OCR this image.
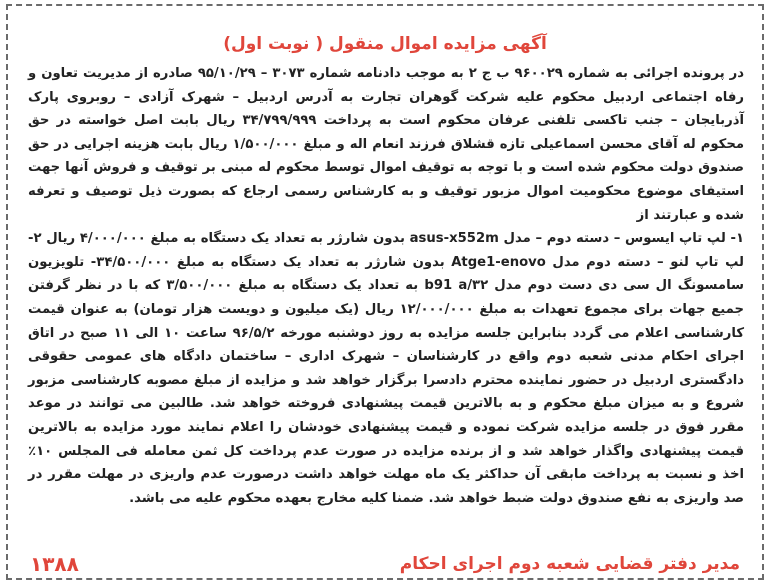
آگهی مزایده اموال منقول ( نوبت اول)

در پرونده اجرائی به شماره ۹۶۰۰۲۹ ب ج ۲ به موجب دادنامه شماره ۳۰۷۳ – ۹۵/۱۰/۲۹ صادره از مدیریت تعاون و رفاه اجتماعی اردبیل محکوم علیه شرکت گوهران تجارت به آدرس اردبیل – شهرک آزادی – روبروی پارک آذربایجان – جنب تاکسی تلفنی عرفان محکوم است به پرداخت ۳۴/۷۹۹/۹۹۹ ریال بابت اصل خواسته در حق محکوم له آقای محسن اسماعیلی تازه قشلاق فرزند انعام اله و مبلغ ۱/۵۰۰/۰۰۰ ریال بابت هزینه اجرایی در حق صندوق دولت محکوم شده است و با توجه به توقیف اموال توسط محکوم له مبنی بر توقیف و فروش آنها جهت استیفای موضوع محکومیت اموال مزبور توقیف و به کارشناس رسمی ارجاع که بصورت ذیل توصیف و تعرفه شده و عبارتند از

۱- لپ تاپ ایسوس – دسته دوم – مدل asus-x552m بدون شارژر به تعداد یک دستگاه به مبلغ ۴/۰۰۰/۰۰۰ ریال ۲- لپ تاپ لنو – دسته دوم مدل Atge1-enovo بدون شارژر به تعداد یک دستگاه به مبلغ ۳۴/۵۰۰/۰۰۰- تلویزیون سامسونگ ال سی دی دست دوم مدل ۳۲/b91 a به تعداد یک دستگاه به مبلغ ۳/۵۰۰/۰۰۰ که با در نظر گرفتن جمیع جهات برای مجموع تعهدات به مبلغ ۱۲/۰۰۰/۰۰۰ ریال (یک میلیون و دویست هزار تومان) به عنوان قیمت کارشناسی اعلام می گردد بنابراین جلسه مزایده به روز دوشنبه مورخه ۹۶/۵/۲ ساعت ۱۰ الی ۱۱ صبح در اتاق اجرای احکام مدنی شعبه دوم واقع در کارشناسان – شهرک اداری – ساختمان دادگاه های عمومی حقوقی دادگستری اردبیل در حضور نماینده محترم دادسرا برگزار خواهد شد و مزایده از مبلغ مصوبه کارشناسی مزبور شروع و به میزان مبلغ محکوم و به بالاترین قیمت پیشنهادی فروخته خواهد شد. طالبین می توانند در موعد مقرر فوق در جلسه مزایده شرکت نموده و قیمت پیشنهادی خودشان را اعلام نمایند مورد مزایده به بالاترین قیمت پیشنهادی واگذار خواهد شد و از برنده مزایده در صورت عدم پرداخت کل ثمن معامله فی المجلس ۱۰٪ اخذ و نسبت به پرداخت مابقی آن حداکثر یک ماه مهلت خواهد داشت درصورت عدم واریزی در مهلت مقرر در صد واریزی به نفع صندوق دولت ضبط خواهد شد. ضمنا کلیه مخارج بعهده محکوم علیه می باشد.

مدیر دفتر قضایی شعبه دوم اجرای احکام
۱۳۸۸
